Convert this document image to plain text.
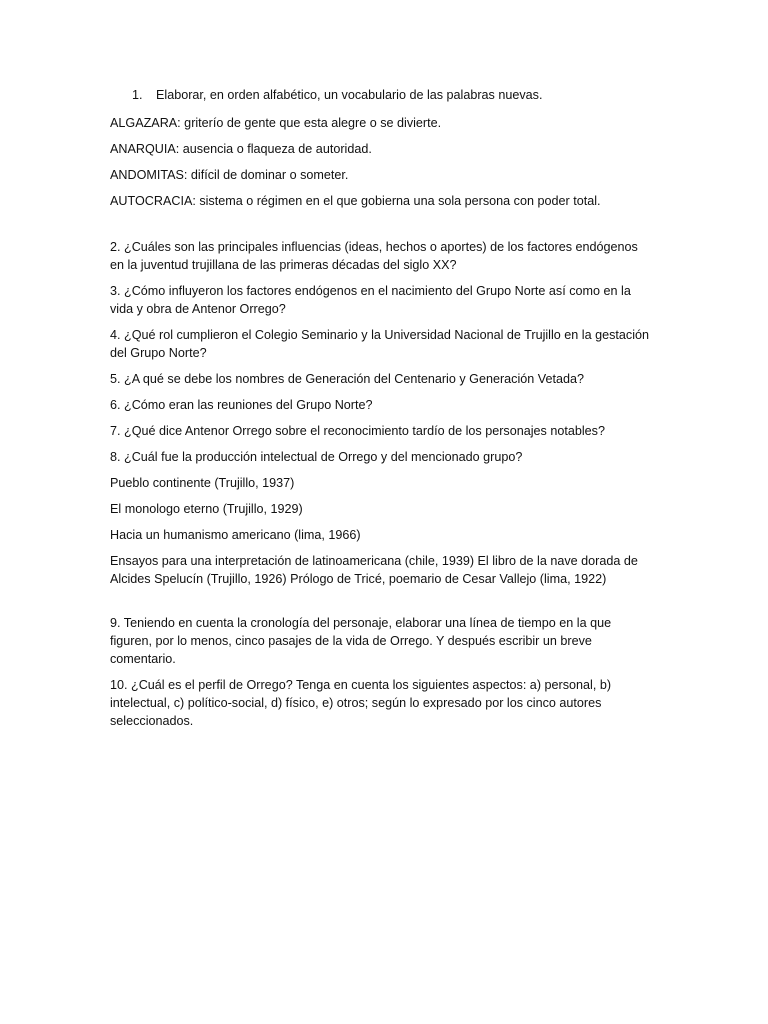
1.	Elaborar, en orden alfabético, un vocabulario de las palabras nuevas.

ALGAZARA: griterío de gente que esta alegre o se divierte.

ANARQUIA: ausencia o flaqueza de autoridad.

ANDOMITAS: difícil de dominar o someter.

AUTOCRACIA: sistema o régimen en el que gobierna una sola persona con poder total.

2. ¿Cuáles son las principales influencias (ideas, hechos o aportes) de los factores endógenos en la juventud trujillana de las primeras décadas del siglo XX?

3. ¿Cómo influyeron los factores endógenos en el nacimiento del Grupo Norte así como en la vida y obra de Antenor Orrego?

4. ¿Qué rol cumplieron el Colegio Seminario y la Universidad Nacional de Trujillo en la gestación del Grupo Norte?

5. ¿A qué se debe los nombres de Generación del Centenario y Generación Vetada?

6. ¿Cómo eran las reuniones del Grupo Norte?

7. ¿Qué dice Antenor Orrego sobre el reconocimiento tardío de los personajes notables?

8. ¿Cuál fue la producción intelectual de Orrego y del mencionado grupo?

Pueblo continente (Trujillo, 1937)

El monologo eterno (Trujillo, 1929)

Hacia un humanismo americano (lima, 1966)

Ensayos para una interpretación de latinoamericana (chile, 1939) El libro de la nave dorada de Alcides Spelucín (Trujillo, 1926) Prólogo de Tricé, poemario de Cesar Vallejo (lima, 1922)

9. Teniendo en cuenta la cronología del personaje, elaborar una línea de tiempo en la que figuren, por lo menos, cinco pasajes de la vida de Orrego. Y después escribir un breve comentario.

10. ¿Cuál es el perfil de Orrego? Tenga en cuenta los siguientes aspectos: a) personal, b) intelectual, c) político-social, d) físico, e) otros; según lo expresado por los cinco autores seleccionados.
